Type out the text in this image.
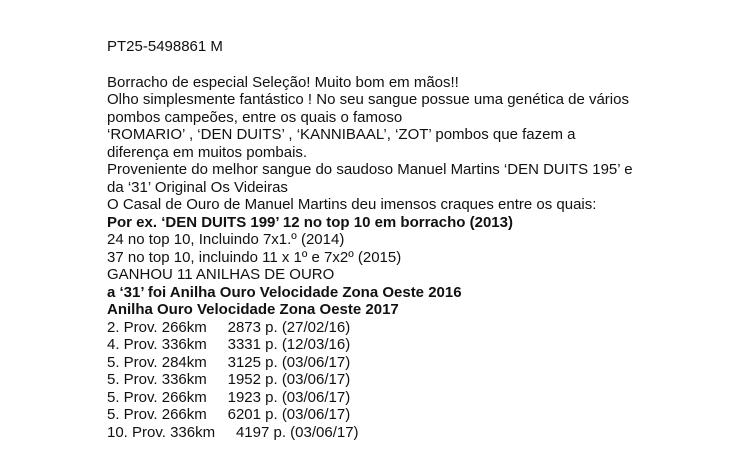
PT25-5498861 M

Borracho de especial Seleção! Muito bom em mãos!!

Olho simplesmente fantástico ! No seu sangue possue uma genética de vários

pombos campeões, entre os quais o famoso

‘ROMARIO’ , ‘DEN DUITS’ , ‘KANNIBAAL’, ‘ZOT’ pombos que fazem a

diferença em muitos pombais.

Proveniente do melhor sangue do saudoso Manuel Martins ‘DEN DUITS 195’ e

da ‘31’ Original Os Videiras

O Casal de Ouro de Manuel Martins deu imensos craques entre os quais:

Por ex. ‘DEN DUITS 199’ 12 no top 10 em borracho (2013)

24 no top 10, Incluindo 7x1.º (2014)

37 no top 10, incluindo 11 x 1º e 7x2º (2015)

GANHOU 11 ANILHAS DE OURO

a ‘31’ foi Anilha Ouro Velocidade Zona Oeste 2016

Anilha Ouro Velocidade Zona Oeste 2017

2. Prov. 266km     2873 p. (27/02/16)

4. Prov. 336km     3331 p. (12/03/16)

5. Prov. 284km     3125 p. (03/06/17)

5. Prov. 336km     1952 p. (03/06/17)

5. Prov. 266km     1923 p. (03/06/17)

5. Prov. 266km     6201 p. (03/06/17)

10. Prov. 336km     4197 p. (03/06/17)
